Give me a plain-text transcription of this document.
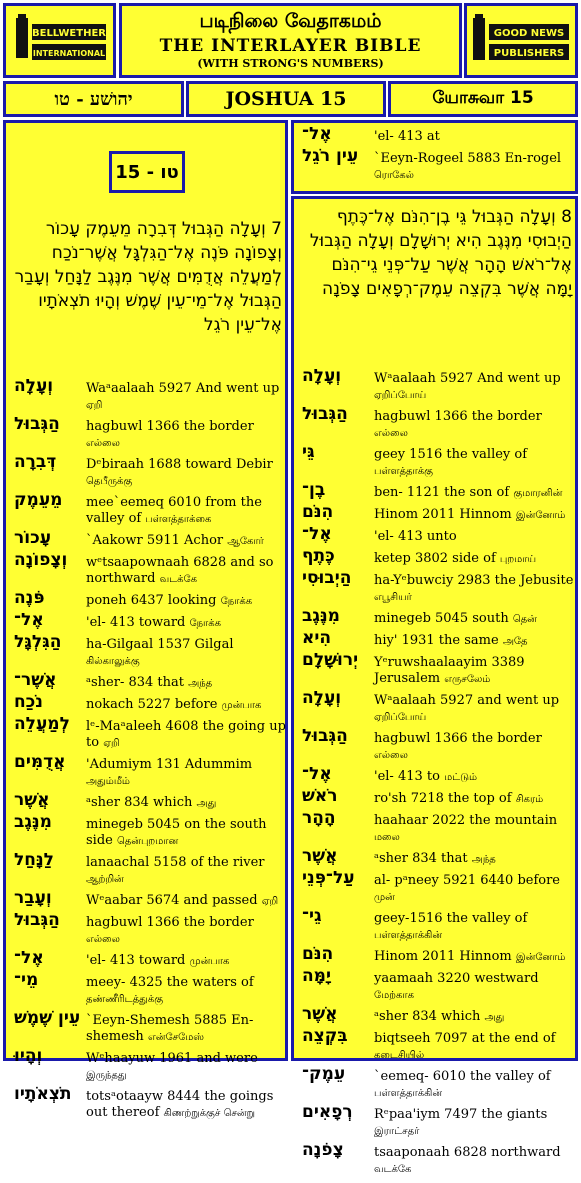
BELLWETHER
INTERNATIONAL
படிநிலை வேதாகமம்
THE INTERLAYER BIBLE
(WITH STRONG'S NUMBERS)
GOOD NEWS
PUBLISHERS
יהושׁע - טו	JOSHUA 15	யோசுவா 15
טו - 15
7 וְעָלָה הַגְּבוּל דְּבִרָה מֵעֵמֶק עָכוֹר וְצָפוֹנָה פֹּנֶה אֶל־הַגִּלְגָּל אֲשֶׁר־נֹכַח לְמַעֲלֵה אֲדֻמִּים אֲשֶׁר מִנֶּגֶב לַנָּחַל וְעָבַר הַגְּבוּל אֶל־מֵי־עֵין שֶׁמֶשׁ וְהָיוּ תֹצְאֹתָיו אֶל־עֵין רֹגֵל
וְעָלָה	Waᵃaalaah 5927 And went up ஏறி
הַגְּבוּל	hagbuwl 1366 the border எல்லை
דְּבִרָה	Dᵉbiraah 1688 toward Debir தெபீருக்கு
מֵעֵמֶק	mee`eemeq 6010 from the valley of பள்ளத்தாக்கை
עָכוֹר	`Aakowr 5911 Achor ஆகோர்
וְצָפוֹנָה	wᵉtsaapownaah 6828 and so northward வடக்கே
פֹּנֶה	poneh 6437 looking நோக்க
אֶל־	'el- 413 toward நோக்க
הַגִּלְגָּל	ha-Gilgaal 1537 Gilgal கில்காலுக்கு
אֲשֶׁר־	ᵃsher- 834 that அந்த
נֹכַח	nokach 5227 before முன்பாக
לְמַעֲלֵה	lᵉ-Maᵃaleeh 4608 the going up to ஏறி
אֲדֻמִּים	'Adumiym 131 Adummim அதும்மீம்
אֲשֶׁר	ᵃsher 834 which அது
מִנֶּגֶב	minegeb 5045 on the south side தென்புறமான
לַנָּחַל	lanaachal 5158 of the river ஆற்றின்
וְעָבַר	Wᵉaabar 5674 and passed ஏறி
הַגְּבוּל	hagbuwl 1366 the border எல்லை
אֶל־	'el- 413 toward முன்பாக
מֵי־	meey- 4325 the waters of தண்ணீரிடத்துக்கு
עֵין שֶׁמֶשׁ `Eeyn-Shemesh 5885 En-shemesh என்சேமேஸ்
וְהָיוּ	Wᵉhaayuw 1961 and were இருந்தது
תֹצְאֹתָיו	totsᵃotaayw 8444 the goings out thereof கிணற்றுக்குச் சென்று
אֶל־	'el- 413 at
עֵין רֹגֵל	`Eeyn-Rogeel 5883 En-rogel ரொகேல்
8 וְעָלָה הַגְּבוּל גֵּי בֶן־הִנֹּם אֶל־כֶּתֶף הַיְבוּסִי מִנֶּגֶב הִיא יְרוּשָׁלִָם וְעָלָה הַגְּבוּל אֶל־רֹאשׁ הָהָר אֲשֶׁר עַל־פְּנֵי גֵי־הִנֹּם יָמָּה אֲשֶׁר בִּקְצֵה עֵמֶק־רְפָאִים צָפֹנָה
וְעָלָה	Wᵃaalaah 5927 And went up ஏறிப்போய்
הַגְּבוּל	hagbuwl 1366 the border எல்லை
גֵּי	geey 1516 the valley of பள்ளத்தாக்கு
בֶן־	ben- 1121 the son of குமாரனின்
הִנֹּם	Hinom 2011 Hinnom இன்னோம்
אֶל־	'el- 413 unto
כֶּתֶף	ketep 3802 side of புறமாய்
הַיְבוּסִי	ha-Yᵉbuwciy 2983 the Jebusite எபூசியர்
מִנֶּגֶב	minegeb 5045 south தென்
הִיא	hiy' 1931 the same அதே
יְרוּשָׁלִָם	Yᵉruwshaalaayim 3389 Jerusalem எருசலேம்
וְעָלָה	Wᵃaalaah 5927 and went up ஏறிப்போய்
הַגְּבוּל	hagbuwl 1366 the border எல்லை
אֶל־	'el- 413 to மட்டும்
רֹאשׁ	ro'sh 7218 the top of சிகரம்
הָהָר	haahaar 2022 the mountain மலை
אֲשֶׁר	ᵃsher 834 that அந்த
עַל־פְּנֵי	al- pᵃneey 5921 6440 before முன்
גֵי־	geey-1516 the valley of பள்ளத்தாக்கின்
הִנֹּם	Hinom 2011 Hinnom இன்னோம்
יָמָּה	yaamaah 3220 westward மேற்காக
אֲשֶׁר	ᵃsher 834 which அது
בִּקְצֵה	biqtseeh 7097 at the end of கடைசியில்
עֵמֶק־	`eemeq- 6010 the valley of பள்ளத்தாக்கின்
רְפָאִים	Rᵉpaa'iym 7497 the giants இராட்சதர்
צָפֹנָה	tsaaponaah 6828 northward வடக்கே
